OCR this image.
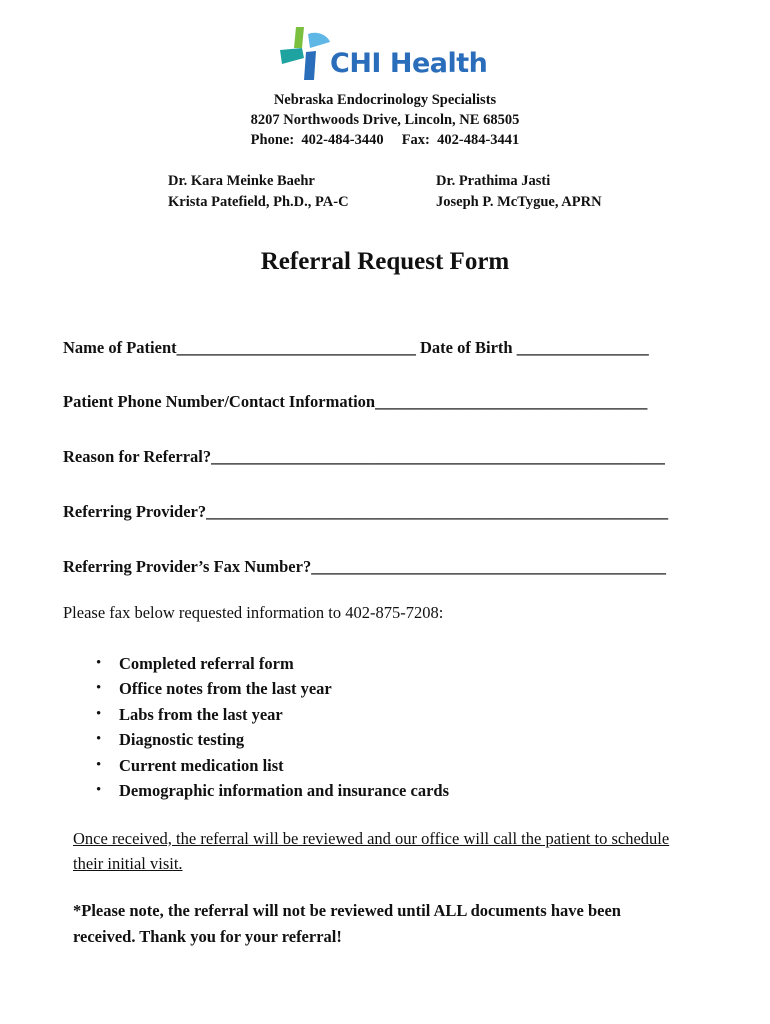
CHI Health
Nebraska Endocrinology Specialists
8207 Northwoods Drive, Lincoln, NE 68505
Phone:  402-484-3440     Fax:  402-484-3441
Dr. Kara Meinke Baehr
Krista Patefield, Ph.D., PA-C
Dr. Prathima Jasti
Joseph P. McTygue, APRN
Referral Request Form
Name of Patient_____________________________ Date of Birth ________________
Patient Phone Number/Contact Information_________________________________
Reason for Referral?_______________________________________________________
Referring Provider?________________________________________________________
Referring Provider’s Fax Number?___________________________________________
Please fax below requested information to 402-875-7208:
• Completed referral form
• Office notes from the last year
• Labs from the last year
• Diagnostic testing
• Current medication list
• Demographic information and insurance cards
Once received, the referral will be reviewed and our office will call the patient to schedule their initial visit.
*Please note, the referral will not be reviewed until ALL documents have been received. Thank you for your referral!
